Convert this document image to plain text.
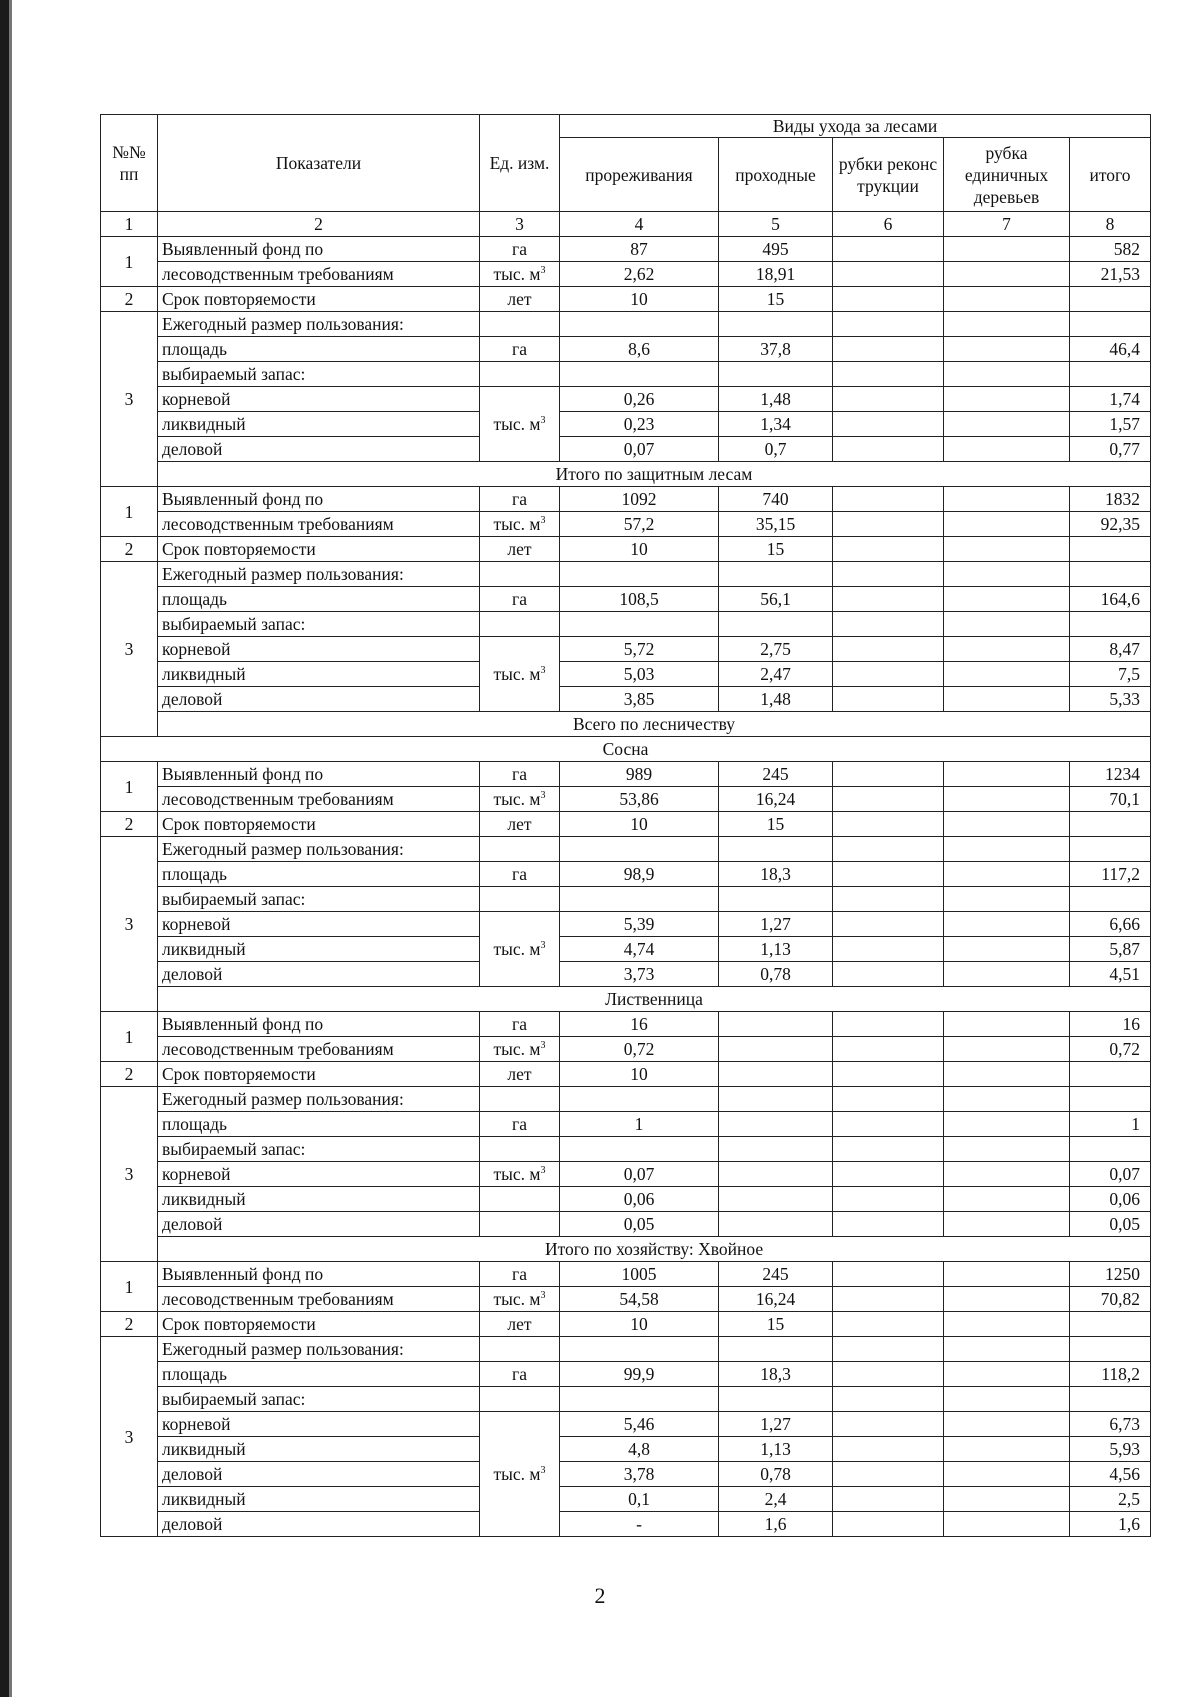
№№ пп	Показатели	Ед. изм.	Виды ухода за лесами				
			прореживания	проходные	рубки реконструкции	рубка единичных деревьев	итого
1	2	3	4	5	6	7	8
1	Выявленный фонд по	га	87	495			582
	лесоводственным требованиям	тыс. $м^3$	2,62	18,91			21,53
2	Срок повторяемости	лет	10	15			
3	Ежегодный размер пользования:						
	площадь	га	8,6	37,8			46,4
	выбираемый запас:						
	корневой	тыс. $м^3$	0,26	1,48			1,74
	ликвидный		0,23	1,34			1,57
	деловой		0,07	0,7			0,77
	Итого по защитным лесам						
1	Выявленный фонд по	га	1092	740			1832
	лесоводственным требованиям	тыс. $м^3$	57,2	35,15			92,35
2	Срок повторяемости	лет	10	15			
3	Ежегодный размер пользования:						
	площадь	га	108,5	56,1			164,6
	выбираемый запас:						
	корневой	тыс. $м^3$	5,72	2,75			8,47
	ликвидный		5,03	2,47			7,5
	деловой		3,85	1,48			5,33
	Всего по лесничеству						
Сосна							
1	Выявленный фонд по	га	989	245			1234
	лесоводственным требованиям	тыс. $м^3$	53,86	16,24			70,1
2	Срок повторяемости	лет	10	15			
3	Ежегодный размер пользования:						
	площадь	га	98,9	18,3			117,2
	выбираемый запас:						
	корневой	тыс. $м^3$	5,39	1,27			6,66
	ликвидный		4,74	1,13			5,87
	деловой		3,73	0,78			4,51
	Лиственница						
1	Выявленный фонд по	га	16				16
	лесоводственным требованиям	тыс. $м^3$	0,72				0,72
2	Срок повторяемости	лет	10				
3	Ежегодный размер пользования:						
	площадь	га	1				1
	выбираемый запас:						
	корневой	тыс. $м^3$	0,07				0,07
	ликвидный		0,06				0,06
	деловой		0,05				0,05
	Итого по хозяйству: Хвойное						
1	Выявленный фонд по	га	1005	245			1250
	лесоводственным требованиям	тыс. $м^3$	54,58	16,24			70,82
2	Срок повторяемости	лет	10	15			
3	Ежегодный размер пользования:						
	площадь	га	99,9	18,3			118,2
	выбираемый запас:						
	корневой	тыс. $м^3$	5,46	1,27			6,73
	ликвидный		4,8	1,13			5,93
	деловой		3,78	0,78			4,56
	ликвидный		0,1	2,4			2,5
	деловой		-	1,6			1,6
2
